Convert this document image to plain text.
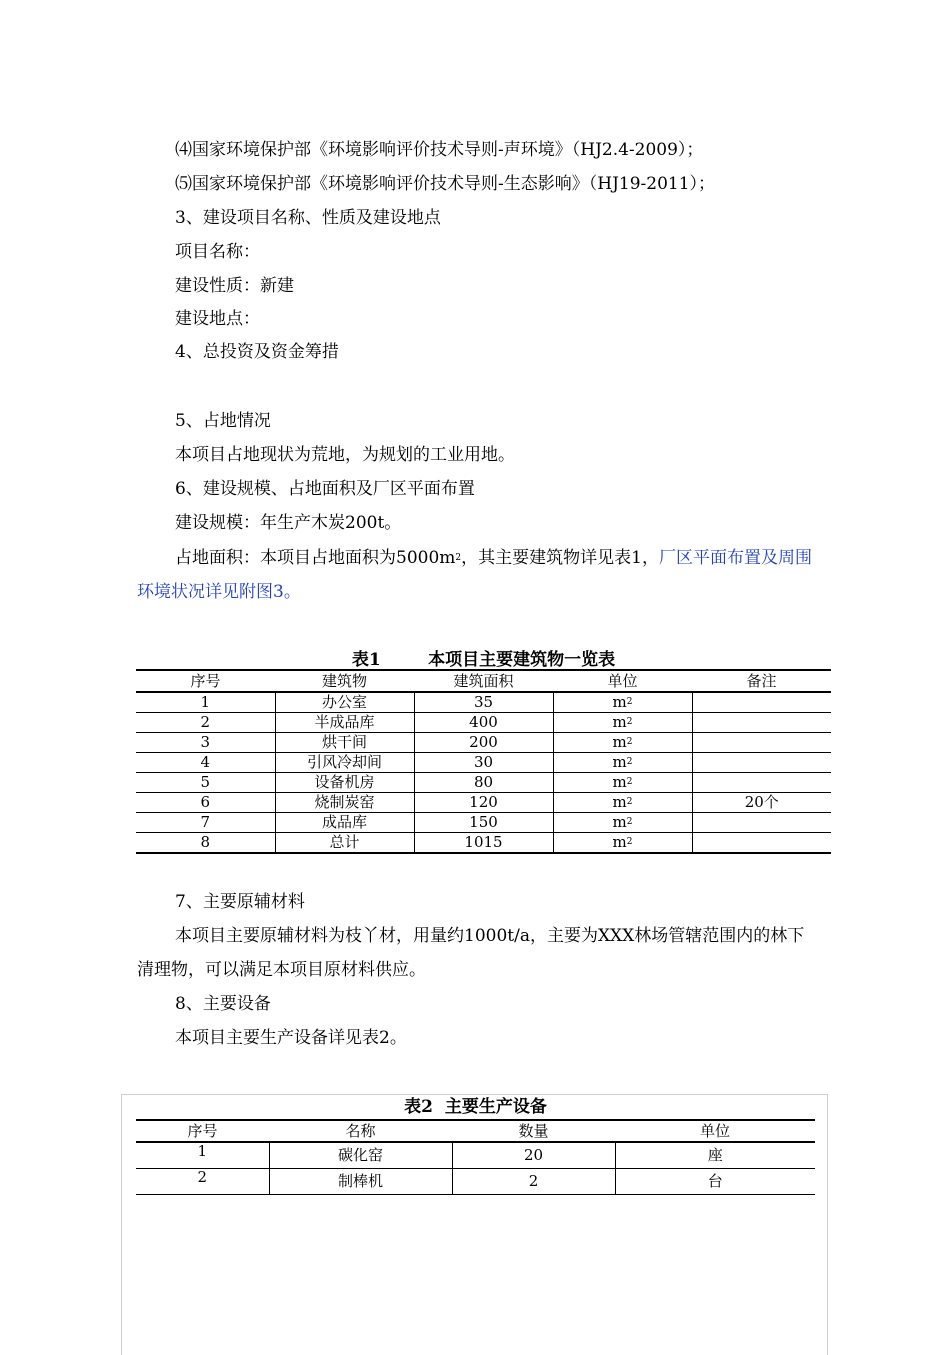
⑷国家环境保护部《环境影响评价技术导则-声环境》（HJ2.4-2009）；
⑸国家环境保护部《环境影响评价技术导则-生态影响》（HJ19-2011）；
3、建设项目名称、性质及建设地点
项目名称：
建设性质：新建
建设地点：
4、总投资及资金筹措
5、占地情况
本项目占地现状为荒地，为规划的工业用地。
6、建设规模、占地面积及厂区平面布置
建设规模：年生产木炭200t。
占地面积：本项目占地面积为$5000m^2$，其主要建筑物详见表1，厂区平面布置及周围环境状况详见附图3。
表1        本项目主要建筑物一览表
序号	建筑物	建筑面积	单位	备注
1	办公室	35	$m^2$	
2	半成品库	400	$m^2$	
3	烘干间	200	$m^2$	
4	引风冷却间	30	$m^2$	
5	设备机房	80	$m^2$	
6	烧制炭窑	120	$m^2$	20个
7	成品库	150	$m^2$	
8	总计	1015	$m^2$	
7、主要原辅材料
本项目主要原辅材料为枝丫材，用量约1000t/a，主要为XXX林场管辖范围内的林下清理物，可以满足本项目原材料供应。
8、主要设备
本项目主要生产设备详见表2。
表2  主要生产设备
序号	名称	数量	单位
1	碳化窑	20	座
2	制棒机	2	台
